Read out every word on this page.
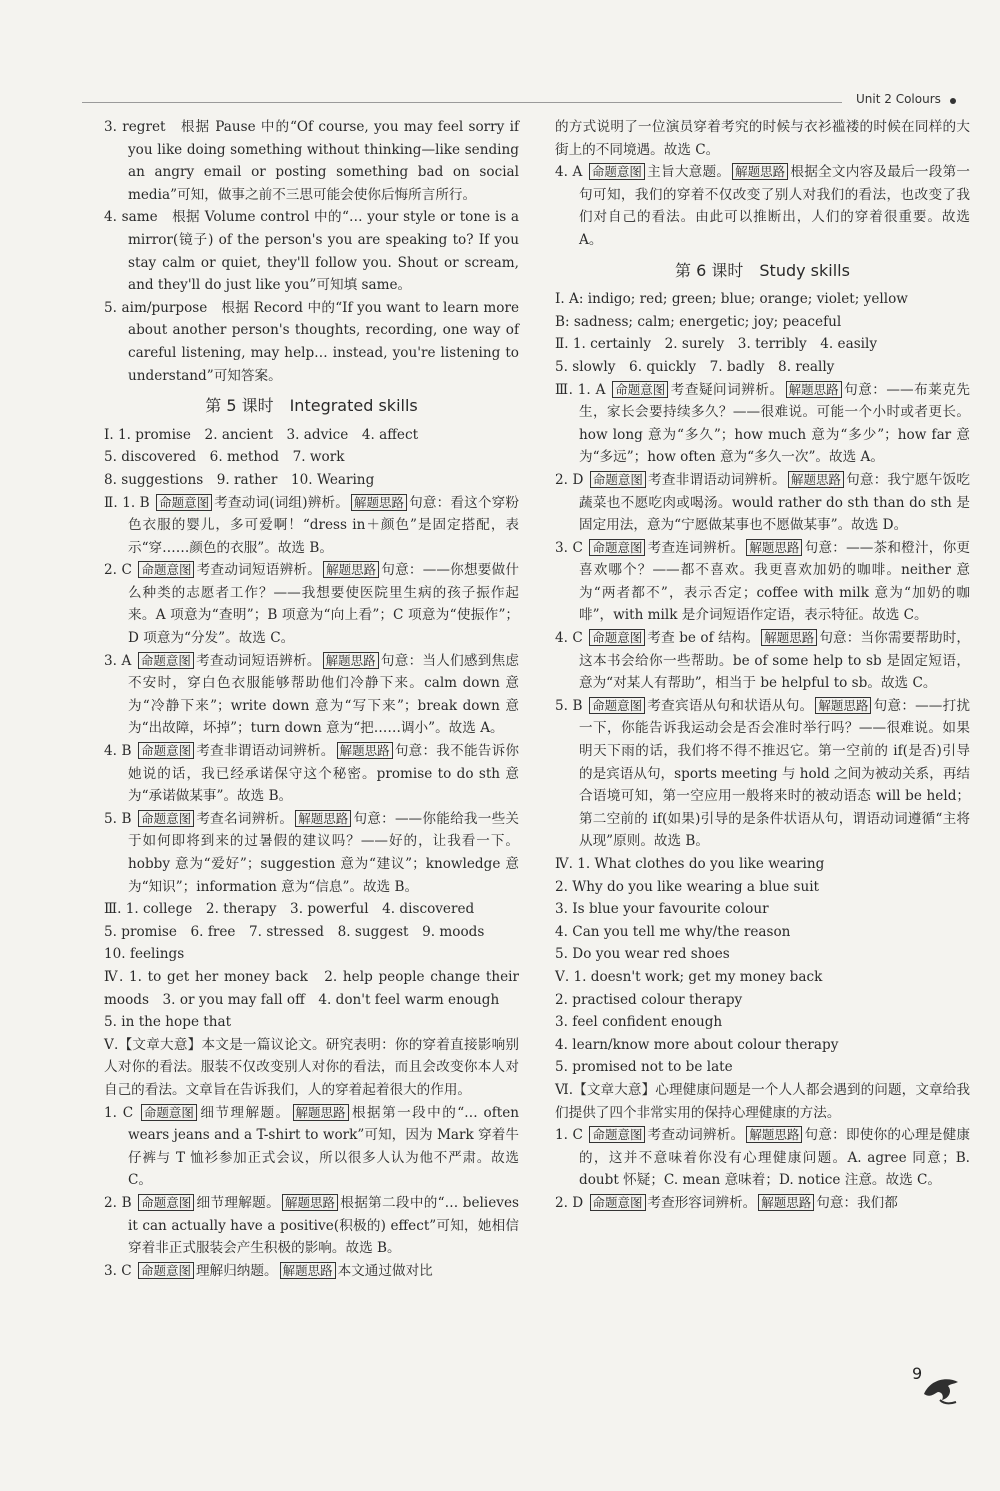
Unit 2 Colours

3. regret　根据 Pause 中的“Of course, you may feel sorry if you like doing something without thinking—like sending an angry email or posting something bad on social media”可知，做事之前不三思可能会使你后悔所言所行。

4. same　根据 Volume control 中的“… your style or tone is a mirror(镜子) of the person's you are speaking to? If you stay calm or quiet, they'll follow you. Shout or scream, and they'll do just like you”可知填 same。

5. aim/purpose　根据 Record 中的“If you want to learn more about another person's thoughts, recording, one way of careful listening, may help… instead, you're listening to understand”可知答案。

第 5 课时　Integrated skills

Ⅰ. 1. promise　2. ancient　3. advice　4. affect

5. discovered　6. method　7. work

8. suggestions　9. rather　10. Wearing

Ⅱ. 1. B 命题意图 考查动词(词组)辨析。 解题思路 句意：看这个穿粉色衣服的婴儿，多可爱啊！“dress in＋颜色”是固定搭配，表示“穿……颜色的衣服”。故选 B。

2. C 命题意图 考查动词短语辨析。 解题思路 句意：——你想要做什么种类的志愿者工作？——我想要使医院里生病的孩子振作起来。A 项意为“查明”；B 项意为“向上看”；C 项意为“使振作”；D 项意为“分发”。故选 C。

3. A 命题意图 考查动词短语辨析。 解题思路 句意：当人们感到焦虑不安时，穿白色衣服能够帮助他们冷静下来。calm down 意为“冷静下来”；write down 意为“写下来”；break down 意为“出故障，坏掉”；turn down 意为“把……调小”。故选 A。

4. B 命题意图 考查非谓语动词辨析。 解题思路 句意：我不能告诉你她说的话，我已经承诺保守这个秘密。promise to do sth 意为“承诺做某事”。故选 B。

5. B 命题意图 考查名词辨析。 解题思路 句意：——你能给我一些关于如何即将到来的过暑假的建议吗？——好的，让我看一下。hobby 意为“爱好”；suggestion 意为“建议”；knowledge 意为“知识”；information 意为“信息”。故选 B。

Ⅲ. 1. college　2. therapy　3. powerful　4. discovered

5. promise　6. free　7. stressed　8. suggest　9. moods

10. feelings

Ⅳ. 1. to get her money back　2. help people change their moods　3. or you may fall off　4. don't feel warm enough

5. in the hope that

Ⅴ.【文章大意】本文是一篇议论文。研究表明：你的穿着直接影响别人对你的看法。服装不仅改变别人对你的看法，而且会改变你本人对自己的看法。文章旨在告诉我们，人的穿着起着很大的作用。

1. C 命题意图 细节理解题。 解题思路 根据第一段中的“… often wears jeans and a T-shirt to work”可知，因为 Mark 穿着牛仔裤与 T 恤衫参加正式会议，所以很多人认为他不严肃。故选 C。

2. B 命题意图 细节理解题。 解题思路 根据第二段中的“… believes it can actually have a positive(积极的) effect”可知，她相信穿着非正式服装会产生积极的影响。故选 B。

3. C 命题意图 理解归纳题。 解题思路 本文通过做对比

的方式说明了一位演员穿着考究的时候与衣衫褴褛的时候在同样的大街上的不同境遇。故选 C。

4. A 命题意图 主旨大意题。 解题思路 根据全文内容及最后一段第一句可知，我们的穿着不仅改变了别人对我们的看法，也改变了我们对自己的看法。由此可以推断出，人们的穿着很重要。故选 A。

第 6 课时　Study skills

Ⅰ. A: indigo; red; green; blue; orange; violet; yellow

B: sadness; calm; energetic; joy; peaceful

Ⅱ. 1. certainly　2. surely　3. terribly　4. easily

5. slowly　6. quickly　7. badly　8. really

Ⅲ. 1. A 命题意图 考查疑问词辨析。 解题思路 句意：——布莱克先生，家长会要持续多久？——很难说。可能一个小时或者更长。how long 意为“多久”；how much 意为“多少”；how far 意为“多远”；how often 意为“多久一次”。故选 A。

2. D 命题意图 考查非谓语动词辨析。 解题思路 句意：我宁愿午饭吃蔬菜也不愿吃肉或喝汤。would rather do sth than do sth 是固定用法，意为“宁愿做某事也不愿做某事”。故选 D。

3. C 命题意图 考查连词辨析。 解题思路 句意：——茶和橙汁，你更喜欢哪个？——都不喜欢。我更喜欢加奶的咖啡。neither 意为“两者都不”，表示否定；coffee with milk 意为“加奶的咖啡”，with milk 是介词短语作定语，表示特征。故选 C。

4. C 命题意图 考查 be of 结构。 解题思路 句意：当你需要帮助时，这本书会给你一些帮助。be of some help to sb 是固定短语，意为“对某人有帮助”，相当于 be helpful to sb。故选 C。

5. B 命题意图 考查宾语从句和状语从句。 解题思路 句意：——打扰一下，你能告诉我运动会是否会准时举行吗？——很难说。如果明天下雨的话，我们将不得不推迟它。第一空前的 if(是否)引导的是宾语从句，sports meeting 与 hold 之间为被动关系，再结合语境可知，第一空应用一般将来时的被动语态 will be held；第二空前的 if(如果)引导的是条件状语从句，谓语动词遵循“主将从现”原则。故选 B。

Ⅳ. 1. What clothes do you like wearing

2. Why do you like wearing a blue suit

3. Is blue your favourite colour

4. Can you tell me why/the reason

5. Do you wear red shoes

Ⅴ. 1. doesn't work; get my money back

2. practised colour therapy

3. feel confident enough

4. learn/know more about colour therapy

5. promised not to be late

Ⅵ.【文章大意】心理健康问题是一个人人都会遇到的问题，文章给我们提供了四个非常实用的保持心理健康的方法。

1. C 命题意图 考查动词辨析。 解题思路 句意：即使你的心理是健康的，这并不意味着你没有心理健康问题。A. agree 同意；B. doubt 怀疑；C. mean 意味着；D. notice 注意。故选 C。

2. D 命题意图 考查形容词辨析。 解题思路 句意：我们都

9
